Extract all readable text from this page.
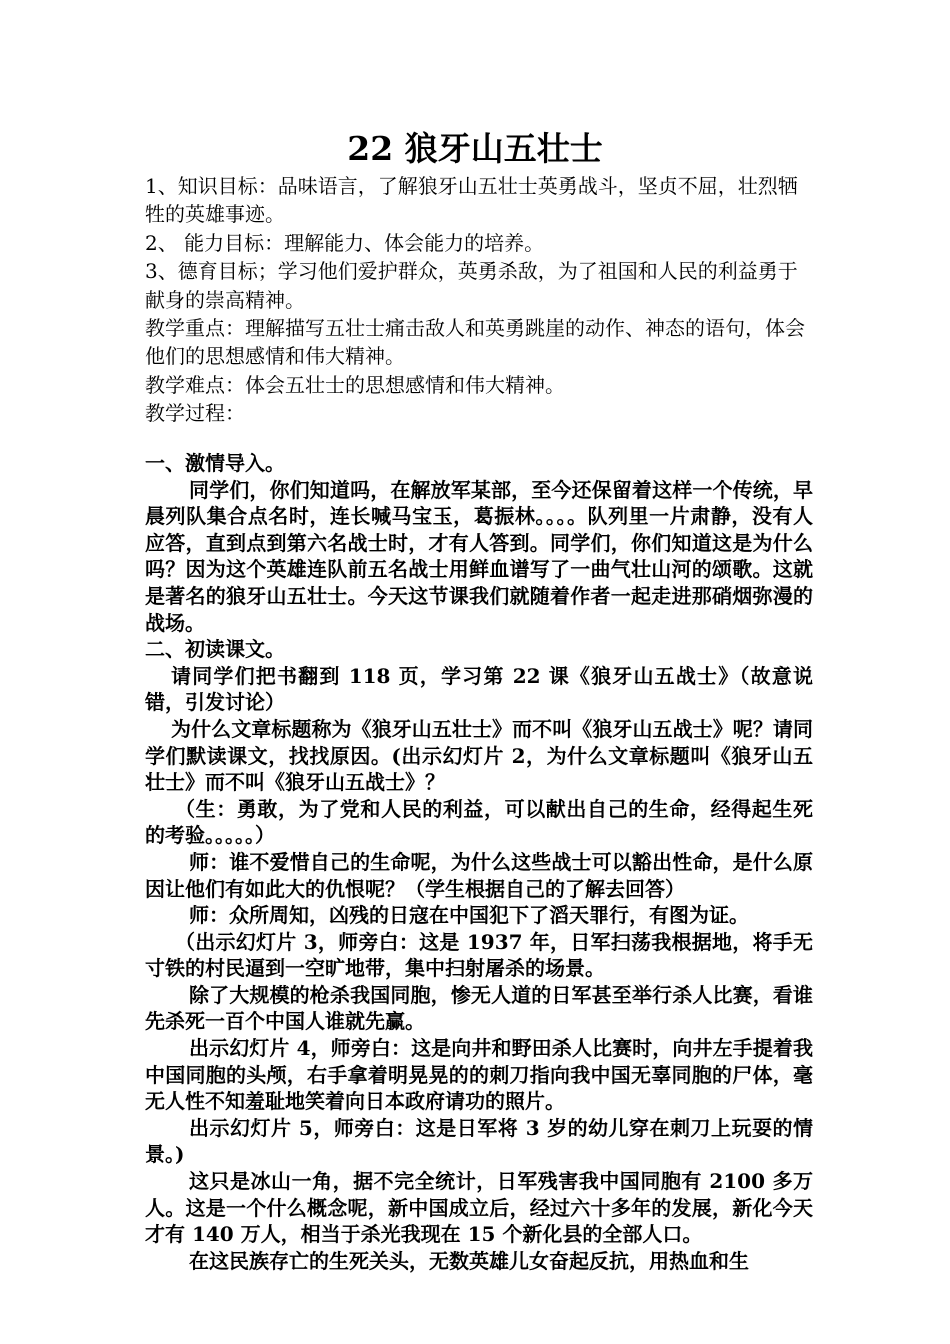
22 狼牙山五壮士

1、知识目标：品味语言，了解狼牙山五壮士英勇战斗，坚贞不屈，壮烈牺牲的英雄事迹。

2、 能力目标：理解能力、体会能力的培养。

3、德育目标；学习他们爱护群众，英勇杀敌，为了祖国和人民的利益勇于献身的崇高精神。

教学重点：理解描写五壮士痛击敌人和英勇跳崖的动作、神态的语句，体会他们的思想感情和伟大精神。

教学难点：体会五壮士的思想感情和伟大精神。

教学过程：

一、激情导入。

同学们，你们知道吗，在解放军某部，至今还保留着这样一个传统，早晨列队集合点名时，连长喊马宝玉，葛振林。。。。队列里一片肃静，没有人应答，直到点到第六名战士时，才有人答到。同学们，你们知道这是为什么吗？因为这个英雄连队前五名战士用鲜血谱写了一曲气壮山河的颂歌。这就是著名的狼牙山五壮士。今天这节课我们就随着作者一起走进那硝烟弥漫的战场。

二、初读课文。

请同学们把书翻到 118 页，学习第 22 课《狼牙山五战士》（故意说错，引发讨论）

为什么文章标题称为《狼牙山五壮士》而不叫《狼牙山五战士》呢？请同学们默读课文，找找原因。(出示幻灯片 2，为什么文章标题叫《狼牙山五壮士》而不叫《狼牙山五战士》？

（生：勇敢，为了党和人民的利益，可以献出自己的生命，经得起生死的考验。。。。。）

师：谁不爱惜自己的生命呢，为什么这些战士可以豁出性命，是什么原因让他们有如此大的仇恨呢？（学生根据自己的了解去回答）

师：众所周知，凶残的日寇在中国犯下了滔天罪行，有图为证。

（出示幻灯片 3，师旁白：这是 1937 年，日军扫荡我根据地，将手无寸铁的村民逼到一空旷地带，集中扫射屠杀的场景。

除了大规模的枪杀我国同胞，惨无人道的日军甚至举行杀人比赛，看谁先杀死一百个中国人谁就先赢。

出示幻灯片 4，师旁白：这是向井和野田杀人比赛时，向井左手提着我中国同胞的头颅，右手拿着明晃晃的的刺刀指向我中国无辜同胞的尸体，毫无人性不知羞耻地笑着向日本政府请功的照片。

出示幻灯片 5，师旁白：这是日军将 3 岁的幼儿穿在刺刀上玩耍的情景。)

这只是冰山一角，据不完全统计，日军残害我中国同胞有 2100 多万人。这是一个什么概念呢，新中国成立后，经过六十多年的发展，新化今天才有 140 万人，相当于杀光我现在 15 个新化县的全部人口。

在这民族存亡的生死关头，无数英雄儿女奋起反抗，用热血和生
